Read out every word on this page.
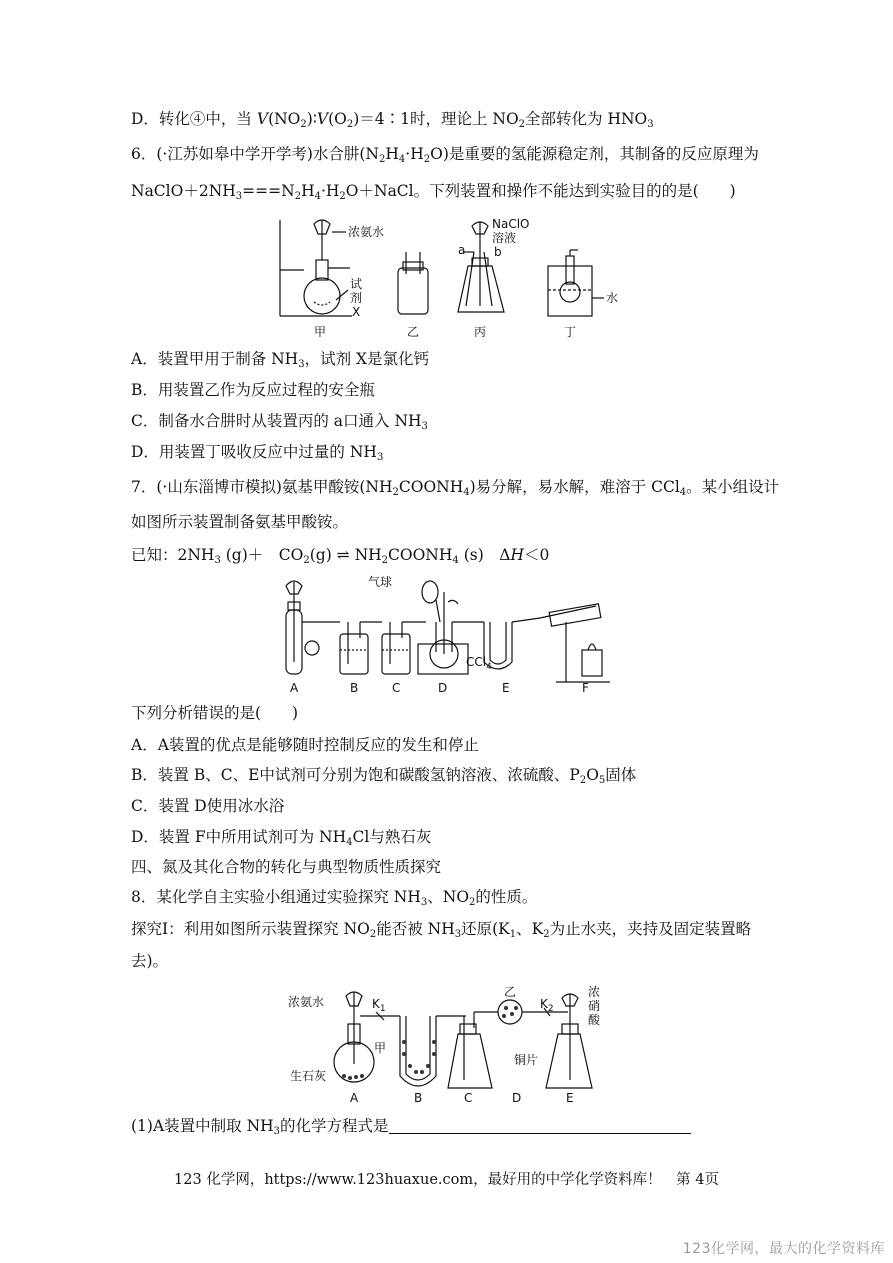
D．转化④中，当 $V(NO_2)∶V(O_2)=4∶1$时，理论上 $NO_2$全部转化为 $HNO_3$
6．(·江苏如皋中学开学考)水合肼$(N_2H_4\cdot H_2O)$是重要的氢能源稳定剂，其制备的反应原理为
$NaClO+2NH_3===N_2H_4\cdot H_2O+NaCl$。下列装置和操作不能达到实验目的的是(　　)
浓氨水
试
剂
X
NaClO
溶液
a b
水
甲	乙	丙	丁
A．装置甲用于制备 $NH_3$，试剂 X是氯化钙
B．用装置乙作为反应过程的安全瓶
C．制备水合肼时从装置丙的 a口通入 $NH_3$
D．用装置丁吸收反应中过量的 $NH_3$
7．(·山东淄博市模拟)氨基甲酸铵$(NH_2COONH_4)$易分解，易水解，难溶于 CCl$_4$。某小组设计
如图所示装置制备氨基甲酸铵。
已知：$2NH_3$ (g)＋　$CO_2(g)$ ⇌ $NH_2COONH_4$ (s)　ΔH＜0
气球
CCl$_4$
A	B	C	D	E	F
下列分析错误的是(　　)
A．A装置的优点是能够随时控制反应的发生和停止
B．装置 B、C、E中试剂可分别为饱和碳酸氢钠溶液、浓硫酸、$P_2O_5$固体
C．装置 D使用冰水浴
D．装置 F中所用试剂可为 $NH_4Cl$与熟石灰
四、氮及其化合物的转化与典型物质性质探究
8．某化学自主实验小组通过实验探究 $NH_3$、$NO_2$的性质。
探究Ⅰ：利用如图所示装置探究 $NO_2$能否被 $NH_3$还原($K_1$、$K_2$为止水夹，夹持及固定装置略
去)。
浓氨水	$K_1$
乙
$K_2$
浓
硝
酸
甲
铜片
生石灰
A	B	C	D	E
(1)A装置中制取 $NH_3$的化学方程式是
123 化学网，https://www.123huaxue.com，最好用的中学化学资料库！　第 4页
123化学网，最大的化学资料库
